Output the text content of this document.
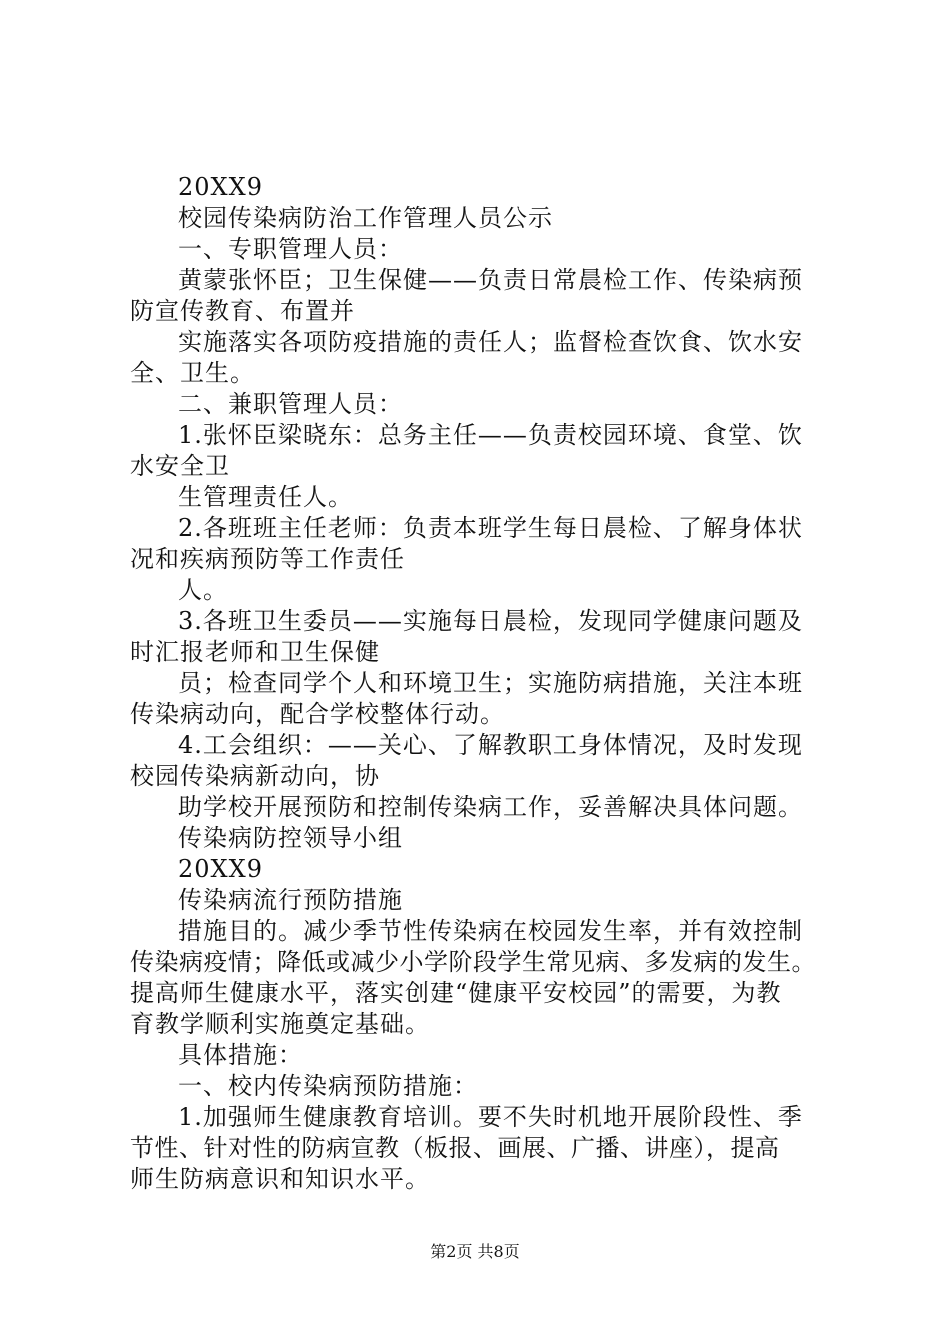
20XX9
校园传染病防治工作管理人员公示
一、专职管理人员：
黄蒙张怀臣；卫生保健——负责日常晨检工作、传染病预
防宣传教育、布置并
实施落实各项防疫措施的责任人；监督检查饮食、饮水安
全、卫生。
二、兼职管理人员：
1.张怀臣梁晓东：总务主任——负责校园环境、食堂、饮
水安全卫
生管理责任人。
2.各班班主任老师：负责本班学生每日晨检、了解身体状
况和疾病预防等工作责任
人。
3.各班卫生委员——实施每日晨检，发现同学健康问题及
时汇报老师和卫生保健
员；检查同学个人和环境卫生；实施防病措施，关注本班
传染病动向，配合学校整体行动。
4.工会组织：——关心、了解教职工身体情况，及时发现
校园传染病新动向，协
助学校开展预防和控制传染病工作，妥善解决具体问题。
传染病防控领导小组
20XX9
传染病流行预防措施
措施目的。减少季节性传染病在校园发生率，并有效控制
传染病疫情；降低或减少小学阶段学生常见病、多发病的发生。
提高师生健康水平，落实创建“健康平安校园”的需要，为教
育教学顺利实施奠定基础。
具体措施：
一、校内传染病预防措施：
1.加强师生健康教育培训。要不失时机地开展阶段性、季
节性、针对性的防病宣教（板报、画展、广播、讲座），提高
师生防病意识和知识水平。
第2页 共8页
